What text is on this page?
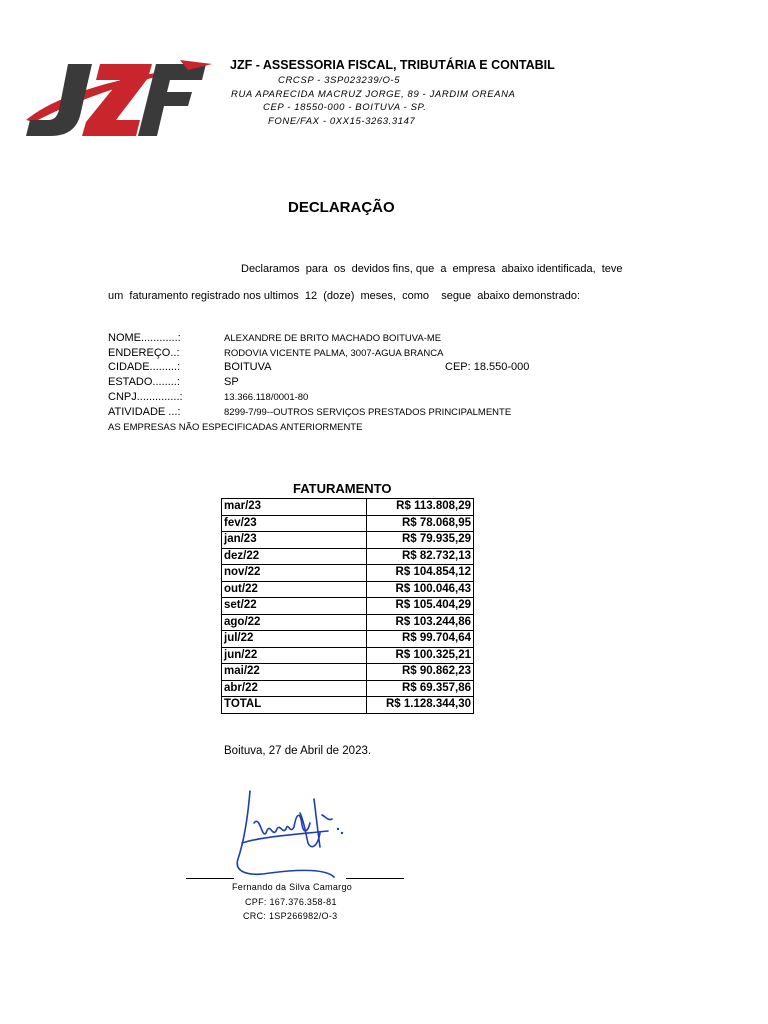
JZF - ASSESSORIA FISCAL, TRIBUTÁRIA E CONTABIL
CRCSP - 3SP023239/O-5
RUA APARECIDA MACRUZ JORGE, 89 - JARDIM OREANA
CEP - 18550-000 - BOITUVA - SP.
FONE/FAX - 0XX15-3263.3147
DECLARAÇÃO
Declaramos  para  os  devidos fins, que  a  empresa  abaixo identificada,  teve
um  faturamento registrado nos ultimos  12  (doze)  meses,  como    segue  abaixo demonstrado:
NOME............:	ALEXANDRE DE BRITO MACHADO BOITUVA-ME
ENDEREÇO..:	RODOVIA VICENTE PALMA, 3007-AGUA BRANCA
CIDADE.........:	BOITUVA	CEP: 18.550-000
ESTADO........:	SP
CNPJ..............:	13.366.118/0001-80
ATIVIDADE ...:	8299-7/99--OUTROS SERVIÇOS PRESTADOS PRINCIPALMENTE
AS EMPRESAS NÃO ESPECIFICADAS ANTERIORMENTE
FATURAMENTO
mar/23	R$ 113.808,29
fev/23	R$ 78.068,95
jan/23	R$ 79.935,29
dez/22	R$ 82.732,13
nov/22	R$ 104.854,12
out/22	R$ 100.046,43
set/22	R$ 105.404,29
ago/22	R$ 103.244,86
jul/22	R$ 99.704,64
jun/22	R$ 100.325,21
mai/22	R$ 90.862,23
abr/22	R$ 69.357,86
TOTAL	R$ 1.128.344,30
Boituva, 27 de Abril de 2023.
Fernando da Silva Camargo
CPF: 167.376.358-81
CRC: 1SP266982/O-3
